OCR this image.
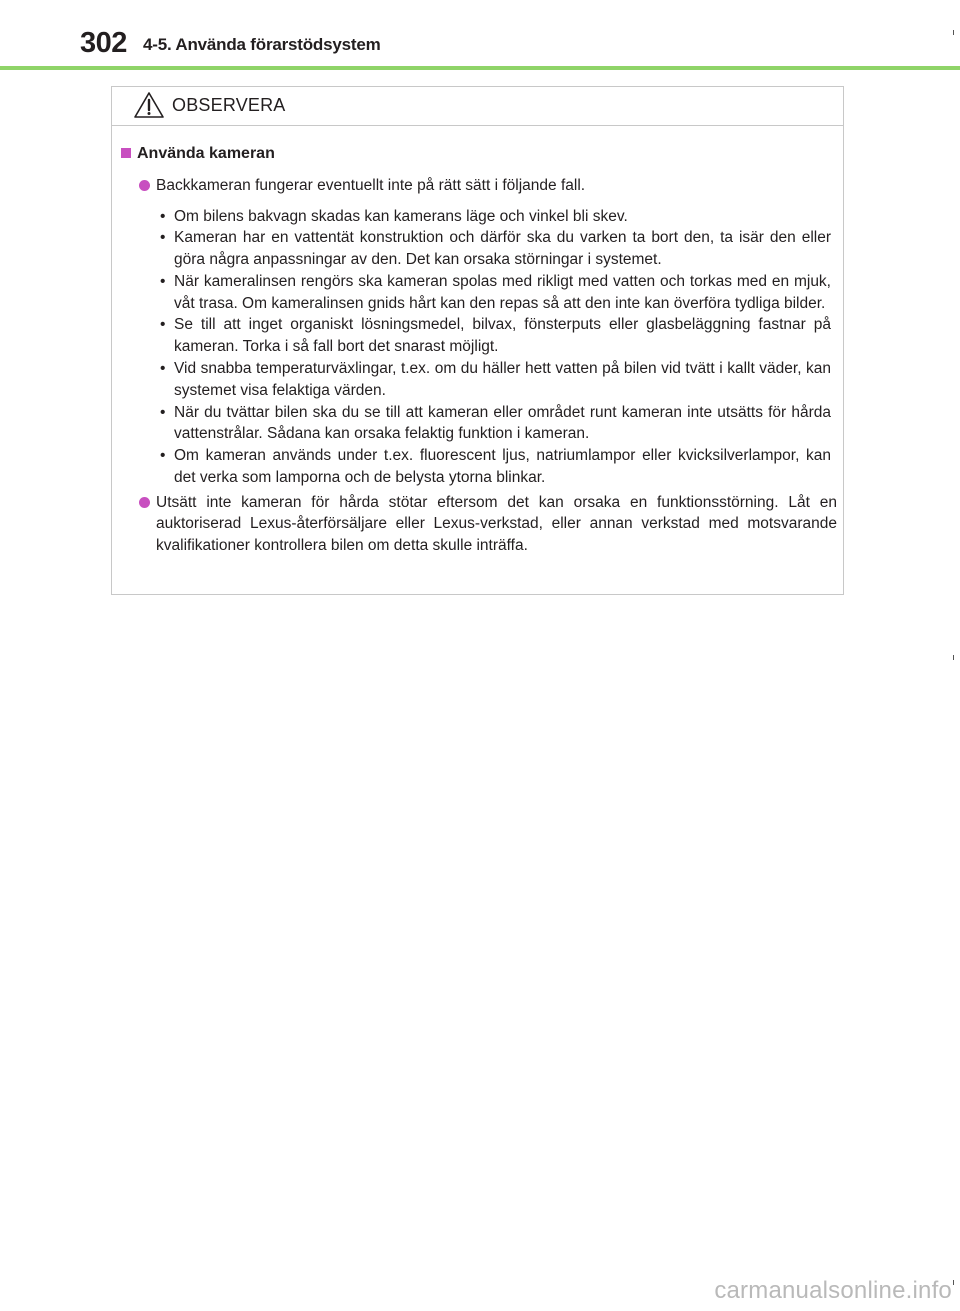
302 4-5. Använda förarstödsystem
OBSERVERA
Använda kameran
Backkameran fungerar eventuellt inte på rätt sätt i följande fall.
• Om bilens bakvagn skadas kan kamerans läge och vinkel bli skev.
• Kameran har en vattentät konstruktion och därför ska du varken ta bort den, ta isär den eller göra några anpassningar av den. Det kan orsaka störningar i systemet.
• När kameralinsen rengörs ska kameran spolas med rikligt med vatten och torkas med en mjuk, våt trasa. Om kameralinsen gnids hårt kan den repas så att den inte kan överföra tydliga bilder.
• Se till att inget organiskt lösningsmedel, bilvax, fönsterputs eller glasbeläggning fastnar på kameran. Torka i så fall bort det snarast möjligt.
• Vid snabba temperaturväxlingar, t.ex. om du häller hett vatten på bilen vid tvätt i kallt väder, kan systemet visa felaktiga värden.
• När du tvättar bilen ska du se till att kameran eller området runt kameran inte utsätts för hårda vattenstrålar. Sådana kan orsaka felaktig funktion i kameran.
• Om kameran används under t.ex. fluorescent ljus, natriumlampor eller kvicksilverlampor, kan det verka som lamporna och de belysta ytorna blinkar.
Utsätt inte kameran för hårda stötar eftersom det kan orsaka en funktionsstörning. Låt en auktoriserad Lexus-återförsäljare eller Lexus-verkstad, eller annan verkstad med motsvarande kvalifikationer kontrollera bilen om detta skulle inträffa.
carmanualsonline.info
